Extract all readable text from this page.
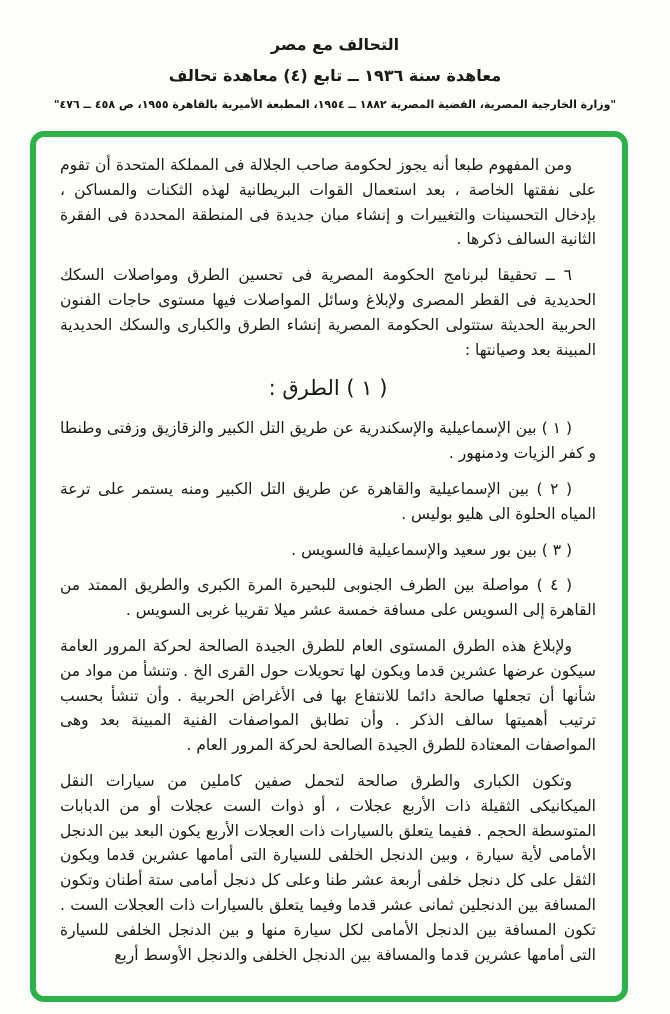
التحالف مع مصر
معاهدة سنة ١٩٣٦ ــ تابع (٤) معاهدة تحالف
"وزارة الخارجية المصرية، القضية المصرية ١٨٨٢ ــ ١٩٥٤، المطبعة الأميرية بالقاهرة ١٩٥٥، ص ٤٥٨ ــ ٤٧٦"

ومن المفهوم طبعا أنه يجوز لحكومة صاحب الجلالة فى المملكة المتحدة أن تقوم على نفقتها الخاصة ، بعد استعمال القوات البريطانية لهذه الثكنات والمساكن ، بإدخال التحسينات والتغييرات و إنشاء مبان جديدة فى المنطقة المحددة فى الفقرة الثانية السالف ذكرها .

٦ ــ تحقيقا لبرنامج الحكومة المصرية فى تحسين الطرق ومواصلات السكك الحديدية فى القطر المصرى ولإبلاغ وسائل المواصلات فيها مستوى حاجات الفنون الحربية الحديثة ستتولى الحكومة المصرية إنشاء الطرق والكبارى والسكك الحديدية المبينة بعد وصيانتها :

( ١ ) الطرق :

( ١ ) بين الإسماعيلية والإسكندرية عن طريق التل الكبير والزقازيق وزفتى وطنطا و كفر الزيات ودمنهور .

( ٢ ) بين الإسماعيلية والقاهرة عن طريق التل الكبير ومنه يستمر على ترعة المياه الحلوة الى هليو بوليس .

( ٣ ) بين بور سعيد والإسماعيلية فالسويس .

( ٤ ) مواصلة بين الطرف الجنوبى للبحيرة المرة الكبرى والطريق الممتد من القاهرة إلى السويس على مسافة خمسة عشر ميلا تقريبا غربى السويس .

ولإبلاغ هذه الطرق المستوى العام للطرق الجيدة الصالحة لحركة المرور العامة سيكون عرضها عشرين قدما ويكون لها تحويلات حول القرى الخ . وتنشأ من مواد من شأنها أن تجعلها صالحة دائما للانتفاع بها فى الأغراض الحربية . وأن تنشأ بحسب ترتيب أهميتها سالف الذكر . وأن تطابق المواصفات الفنية المبينة بعد وهى المواصفات المعتادة للطرق الجيدة الصالحة لحركة المرور العام .

وتكون الكبارى والطرق صالحة لتحمل صفين كاملين من سيارات النقل الميكانيكى الثقيلة ذات الأربع عجلات ، أو ذوات الست عجلات أو من الدبابات المتوسطة الحجم . ففيما يتعلق بالسيارات ذات العجلات الأربع يكون البعد بين الدنجل الأمامى لأية سيارة ، وبين الدنجل الخلفى للسيارة التى أمامها عشرين قدما ويكون الثقل على كل دنجل خلفى أربعة عشر طنا وعلى كل دنجل أمامى ستة أطنان وتكون المسافة بين الدنجلين ثمانى عشر قدما وفيما يتعلق بالسيارات ذات العجلات الست . تكون المسافة بين الدنجل الأمامى لكل سيارة منها و بين الدنجل الخلفى للسيارة التى أمامها عشرين قدما والمسافة بين الدنجل الخلفى والدنجل الأوسط أربع
